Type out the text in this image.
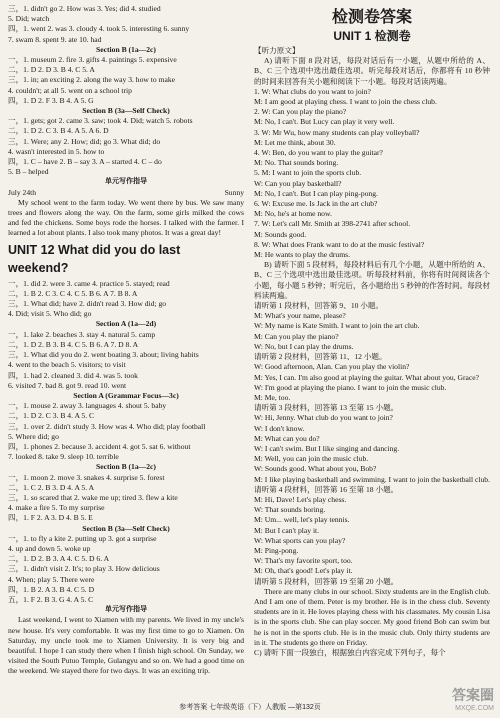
三，1. didn't go 2. How was 3. Yes; did 4. studied
5. Did; watch
四，1. went 2. was 3. cloudy 4. took 5. interesting 6. sunny
7. swam 8. spent 9. ate 10. had
Section B (1a—2c)
一，1. museum 2. fire 3. gifts 4. paintings 5. expensive
二，1. D 2. D 3. B 4. C 5. A
三，1. in; an exciting 2. along the way 3. how to make
4. couldn't; at all 5. went on a school trip
四，1. D 2. F 3. B 4. A 5. G
Section B (3a—Self Check)
一，1. gets; got 2. came 3. saw; took 4. Did; watch 5. robots
二，1. D 2. C 3. B 4. A 5. A 6. D
三，1. Were; any 2. How; did; go 3. What did; do
4. wasn't interested in 5. how to
四，1. C – have 2. B – say 3. A – started 4. C – do
5. B – helped
单元写作指导
July 24th	Sunny
My school went to the farm today. We went there by bus. We saw many trees and flowers along the way. On the farm, some girls milked the cows and fed the chickens. Some boys rode the horses. I talked with the farmer. I learned a lot about plants. I also took many photos. It was a great day!
UNIT 12 What did you do last weekend?
一，1. did 2. were 3. came 4. practice 5. stayed; read
二，1. B 2. C 3. C 4. C 5. B 6. A 7. B 8. A
三，1. What did; have 2. didn't read 3. How did; go
4. Did; visit 5. Who did; go
Section A (1a—2d)
一，1. lake 2. beaches 3. stay 4. natural 5. camp
二，1. D 2. B 3. B 4. C 5. B 6. A 7. D 8. A
三，1. What did you do 2. went boating 3. about; living habits
4. went to the beach 5. visitors; to visit
四，1. had 2. cleaned 3. did 4. was 5. took
6. visited 7. bad 8. got 9. read 10. went
Section A (Grammar Focus—3c)
一，1. mouse 2. away 3. languages 4. shout 5. baby
二，1. D 2. C 3. B 4. A 5. C
三，1. over 2. didn't study 3. How was 4. Who did; play football
5. Where did; go
四，1. phones 2. because 3. accident 4. got 5. sat 6. without
7. looked 8. take 9. sleep 10. terrible
Section B (1a—2c)
一，1. moon 2. move 3. snakes 4. surprise 5. forest
二，1. C 2. B 3. D 4. A 5. A
三，1. so scared that 2. wake me up; tired 3. flew a kite
4. make a fire 5. To my surprise
四，1. F 2. A 3. D 4. B 5. E
Section B (3a—Self Check)
一，1. to fly a kite 2. putting up 3. got a surprise
4. up and down 5. woke up
二，1. D 2. B 3. A 4. C 5. D 6. A
三，1. didn't visit 2. It's; to play 3. How delicious
4. When; play 5. There were
四，1. B 2. A 3. B 4. C 5. D
五，1. F 2. B 3. G 4. A 5. C
单元写作指导
Last weekend, I went to Xiamen with my parents. We lived in my uncle's new house. It's very comfortable. It was my first time to go to Xiamen. On Saturday, my uncle took me to Xiamen University. It is very big and beautiful. I hope I can study there when I finish high school. On Sunday, we visited the South Putuo Temple, Gulangyu and so on. We had a good time on the weekend. We stayed there for two days. It was an exciting trip.
检测卷答案
UNIT 1 检测卷
【听力原文】
A) 请听下面 8 段对话，每段对话后有一小题，从题中所给的 A、B、C 三个选项中选出最佳选项。听完每段对话后，你都将有 10 秒钟的时间来回答有关小题和阅读下一小题。每段对话读两遍。
1. W: What clubs do you want to join?
M: I am good at playing chess. I want to join the chess club.
2. W: Can you play the piano?
M: No, I can't. But Lucy can play it very well.
3. W: Mr Wu, how many students can play volleyball?
M: Let me think, about 30.
4. W: Ben, do you want to play the guitar?
M: No. That sounds boring.
5. M: I want to join the sports club.
W: Can you play basketball?
M: No, I can't. But I can play ping-pong.
6. W: Excuse me. Is Jack in the art club?
M: No, he's at home now.
7. W: Let's call Mr. Smith at 398-2741 after school.
M: Sounds good.
8. W: What does Frank want to do at the music festival?
M: He wants to play the drums.
B) 请听下面 5 段材料，每段材料后有几个小题，从题中所给的 A、B、C 三个选项中选出最佳选项。听每段材料前，你将有时间阅读各个小题，每小题 5 秒钟；听完后，各小题给出 5 秒钟的作答时间。每段材料读两遍。
请听第 1 段材料，回答第 9、10 小题。
M: What's your name, please?
W: My name is Kate Smith. I want to join the art club.
M: Can you play the piano?
W: No, but I can play the drums.
请听第 2 段材料，回答第 11、12 小题。
W: Good afternoon, Alan. Can you play the violin?
M: Yes, I can. I'm also good at playing the guitar. What about you, Grace?
W: I'm good at playing the piano. I want to join the music club.
M: Me, too.
请听第 3 段材料，回答第 13 至第 15 小题。
W: Hi, Jenny. What club do you want to join?
W: I don't know.
M: What can you do?
W: I can't swim. But I like singing and dancing.
M: Well, you can join the music club.
W: Sounds good. What about you, Bob?
M: I like playing basketball and swimming. I want to join the basketball club.
请听第 4 段材料，回答第 16 至第 18 小题。
M: Hi, Dave! Let's play chess.
W: That sounds boring.
M: Um... well, let's play tennis.
M: But I can't play it.
W: What sports can you play?
M: Ping-pong.
W: That's my favorite sport, too.
M: Oh, that's good! Let's play it.
请听第 5 段材料，回答第 19 至第 20 小题。
There are many clubs in our school. Sixty students are in the English club. And I am one of them. Peter is my brother. He is in the chess club. Seventy students are in it. He loves playing chess with his classmates. My cousin Lisa is in the sports club. She can play soccer. My good friend Bob can swim but he is not in the sports club. He is in the music club. Only thirty students are in it. The students go there on Friday.
C) 请听下面一段独白，根据独白内容完成下列句子，每个
参考答案 七年级英语（下）人教版 —第132页
答案圈
MXQE.COM
